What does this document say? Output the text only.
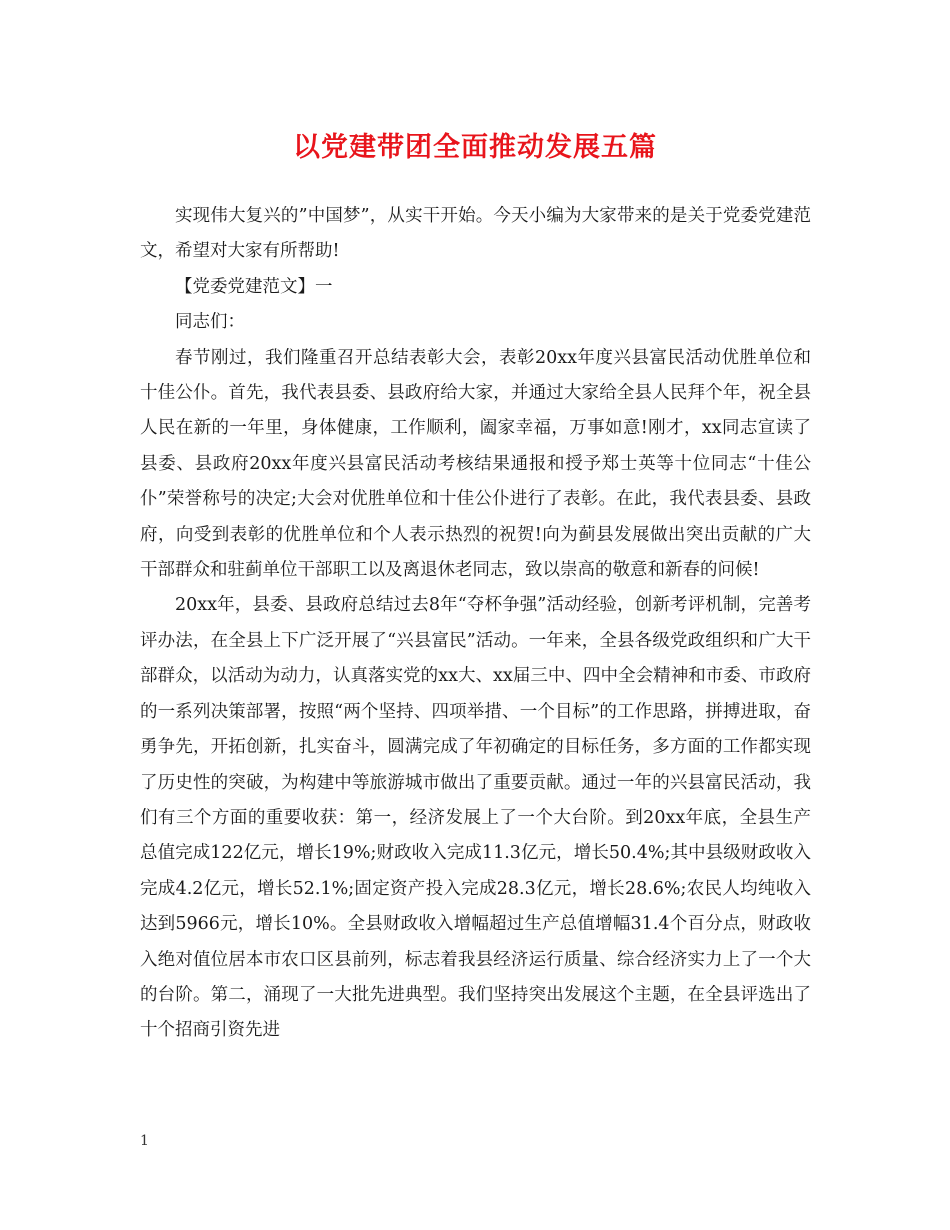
以党建带团全面推动发展五篇

实现伟大复兴的”中国梦”，从实干开始。今天小编为大家带来的是关于党委党建范文，希望对大家有所帮助!

【党委党建范文】一

同志们：

春节刚过，我们隆重召开总结表彰大会，表彰20xx年度兴县富民活动优胜单位和十佳公仆。首先，我代表县委、县政府给大家，并通过大家给全县人民拜个年，祝全县人民在新的一年里，身体健康，工作顺利，阖家幸福，万事如意!刚才，xx同志宣读了县委、县政府20xx年度兴县富民活动考核结果通报和授予郑士英等十位同志“十佳公仆”荣誉称号的决定;大会对优胜单位和十佳公仆进行了表彰。在此，我代表县委、县政府，向受到表彰的优胜单位和个人表示热烈的祝贺!向为蓟县发展做出突出贡献的广大干部群众和驻蓟单位干部职工以及离退休老同志，致以崇高的敬意和新春的问候!

20xx年，县委、县政府总结过去8年“夺杯争强”活动经验，创新考评机制，完善考评办法，在全县上下广泛开展了“兴县富民”活动。一年来，全县各级党政组织和广大干部群众，以活动为动力，认真落实党的xx大、xx届三中、四中全会精神和市委、市政府的一系列决策部署，按照“两个坚持、四项举措、一个目标”的工作思路，拼搏进取，奋勇争先，开拓创新，扎实奋斗，圆满完成了年初确定的目标任务，多方面的工作都实现了历史性的突破，为构建中等旅游城市做出了重要贡献。通过一年的兴县富民活动，我们有三个方面的重要收获：第一，经济发展上了一个大台阶。到20xx年底，全县生产总值完成122亿元，增长19%;财政收入完成11.3亿元，增长50.4%;其中县级财政收入完成4.2亿元，增长52.1%;固定资产投入完成28.3亿元，增长28.6%;农民人均纯收入达到5966元，增长10%。全县财政收入增幅超过生产总值增幅31.4个百分点，财政收入绝对值位居本市农口区县前列，标志着我县经济运行质量、综合经济实力上了一个大的台阶。第二，涌现了一大批先进典型。我们坚持突出发展这个主题，在全县评选出了十个招商引资先进

1
